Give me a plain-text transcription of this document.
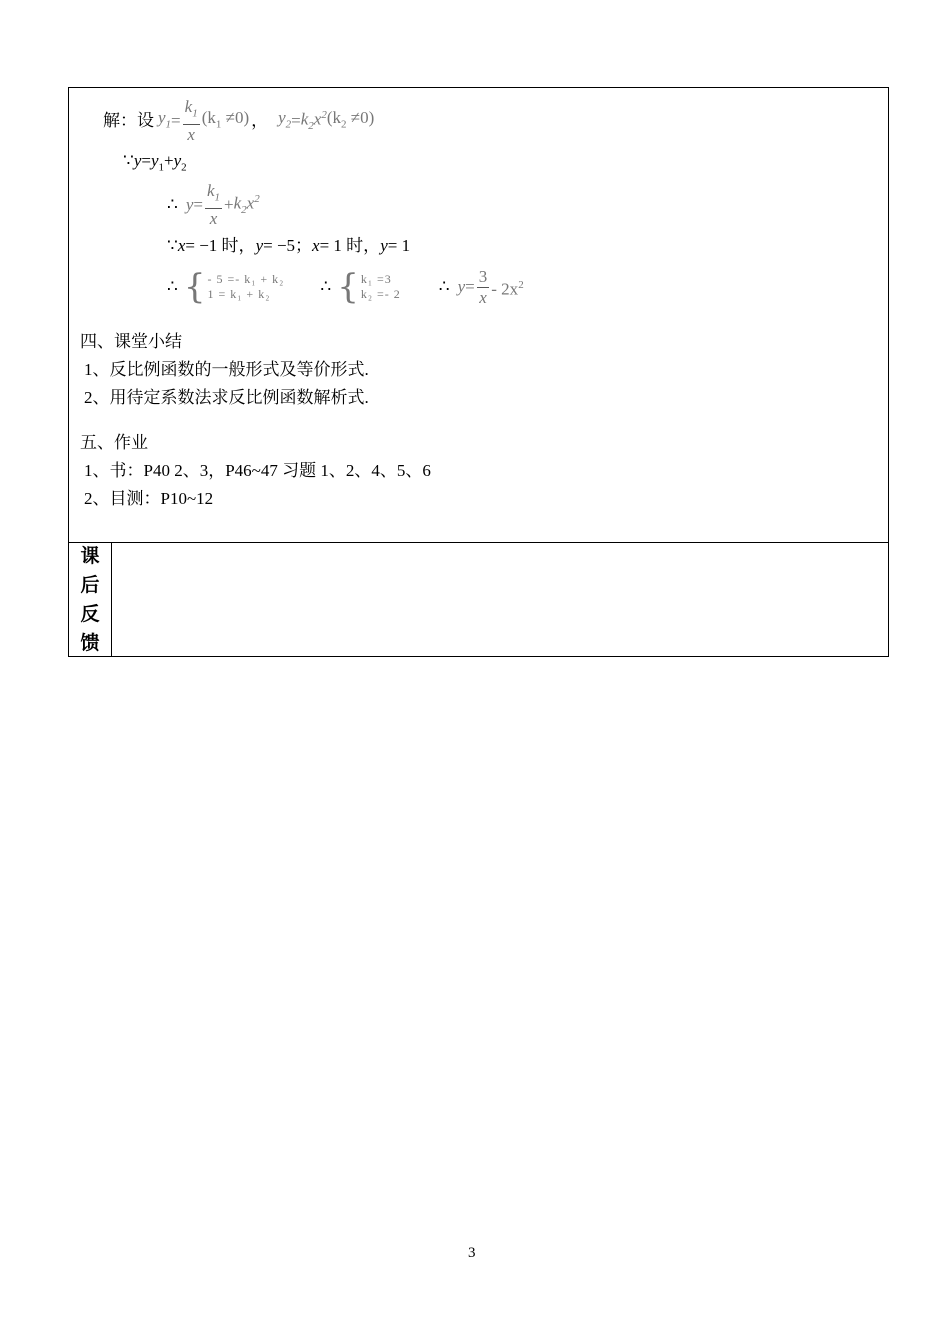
解：设 $y_1 = \frac{k_1}{x} (k_1 \ne 0)$ ， $y_2 = k_2x^2$ $(k_2 \ne 0)$
$\because y=y_1+y_2$
∴ $y = \frac{k_1}{x} + k_2x^2$
∵x= −1 时，y= −5；x= 1 时，y= 1
∴ { - 5 =- k₁ + k₂
1 = k₁ + k₂	∴ { k₁ =3
k₂ =- 2 ∴ $y = \frac{3}{x} - 2x^2$
四、课堂小结
1、反比例函数的一般形式及等价形式.
2、用待定系数法求反比例函数解析式.
五、作业
1、书：P40 2、3，P46~47 习题 1、2、4、5、6
2、目测：P10~12
课
后
反
馈
3
